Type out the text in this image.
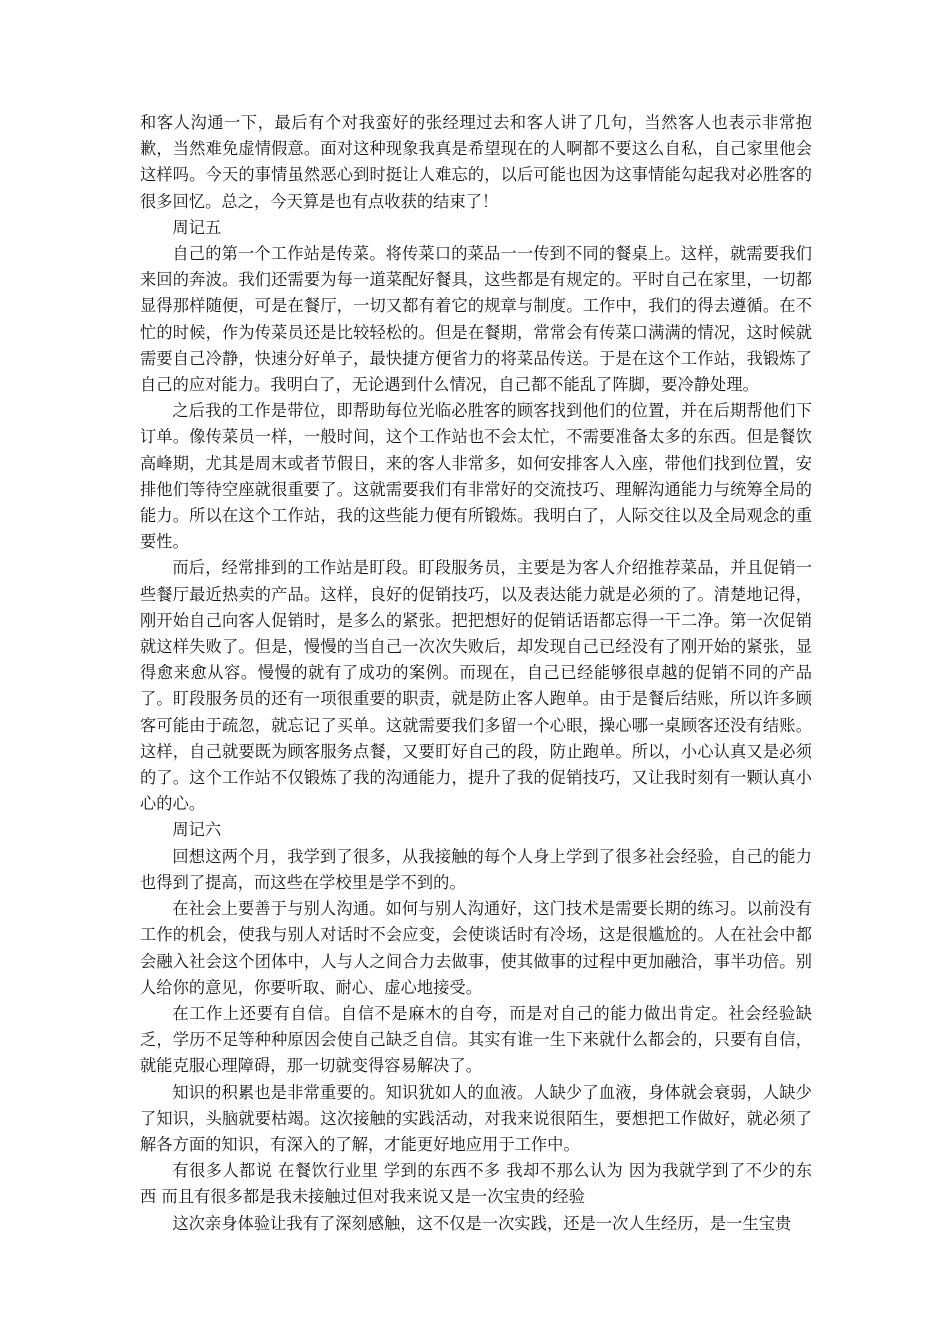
和客人沟通一下，最后有个对我蛮好的张经理过去和客人讲了几句，当然客人也表示非常抱歉，当然难免虚情假意。面对这种现象我真是希望现在的人啊都不要这么自私，自己家里他会这样吗。今天的事情虽然恶心到时挺让人难忘的，以后可能也因为这事情能勾起我对必胜客的很多回忆。总之，今天算是也有点收获的结束了！

周记五

自己的第一个工作站是传菜。将传菜口的菜品一一传到不同的餐桌上。这样，就需要我们来回的奔波。我们还需要为每一道菜配好餐具，这些都是有规定的。平时自己在家里，一切都显得那样随便，可是在餐厅，一切又都有着它的规章与制度。工作中，我们的得去遵循。在不忙的时候，作为传菜员还是比较轻松的。但是在餐期，常常会有传菜口满满的情况，这时候就需要自己冷静，快速分好单子，最快捷方便省力的将菜品传送。于是在这个工作站，我锻炼了自己的应对能力。我明白了，无论遇到什么情况，自己都不能乱了阵脚，要冷静处理。

之后我的工作是带位，即帮助每位光临必胜客的顾客找到他们的位置，并在后期帮他们下订单。像传菜员一样，一般时间，这个工作站也不会太忙，不需要准备太多的东西。但是餐饮高峰期，尤其是周末或者节假日，来的客人非常多，如何安排客人入座，带他们找到位置，安排他们等待空座就很重要了。这就需要我们有非常好的交流技巧、理解沟通能力与统筹全局的能力。所以在这个工作站，我的这些能力便有所锻炼。我明白了，人际交往以及全局观念的重要性。

而后，经常排到的工作站是盯段。盯段服务员，主要是为客人介绍推荐菜品，并且促销一些餐厅最近热卖的产品。这样，良好的促销技巧，以及表达能力就是必须的了。清楚地记得，刚开始自己向客人促销时，是多么的紧张。把把想好的促销话语都忘得一干二净。第一次促销就这样失败了。但是，慢慢的当自己一次次失败后，却发现自己已经没有了刚开始的紧张，显得愈来愈从容。慢慢的就有了成功的案例。而现在，自己已经能够很卓越的促销不同的产品了。盯段服务员的还有一项很重要的职责，就是防止客人跑单。由于是餐后结账，所以许多顾客可能由于疏忽，就忘记了买单。这就需要我们多留一个心眼，操心哪一桌顾客还没有结账。这样，自己就要既为顾客服务点餐，又要盯好自己的段，防止跑单。所以，小心认真又是必须的了。这个工作站不仅锻炼了我的沟通能力，提升了我的促销技巧，又让我时刻有一颗认真小心的心。

周记六

回想这两个月，我学到了很多，从我接触的每个人身上学到了很多社会经验，自己的能力也得到了提高，而这些在学校里是学不到的。

在社会上要善于与别人沟通。如何与别人沟通好，这门技术是需要长期的练习。以前没有工作的机会，使我与别人对话时不会应变，会使谈话时有冷场，这是很尴尬的。人在社会中都会融入社会这个团体中，人与人之间合力去做事，使其做事的过程中更加融洽，事半功倍。别人给你的意见，你要听取、耐心、虚心地接受。

在工作上还要有自信。自信不是麻木的自夸，而是对自己的能力做出肯定。社会经验缺乏，学历不足等种种原因会使自己缺乏自信。其实有谁一生下来就什么都会的，只要有自信，就能克服心理障碍，那一切就变得容易解决了。

知识的积累也是非常重要的。知识犹如人的血液。人缺少了血液，身体就会衰弱，人缺少了知识，头脑就要枯竭。这次接触的实践活动，对我来说很陌生，要想把工作做好，就必须了解各方面的知识，有深入的了解，才能更好地应用于工作中。

有很多人都说 在餐饮行业里 学到的东西不多 我却不那么认为 因为我就学到了不少的东西 而且有很多都是我未接触过但对我来说又是一次宝贵的经验

这次亲身体验让我有了深刻感触，这不仅是一次实践，还是一次人生经历，是一生宝贵
